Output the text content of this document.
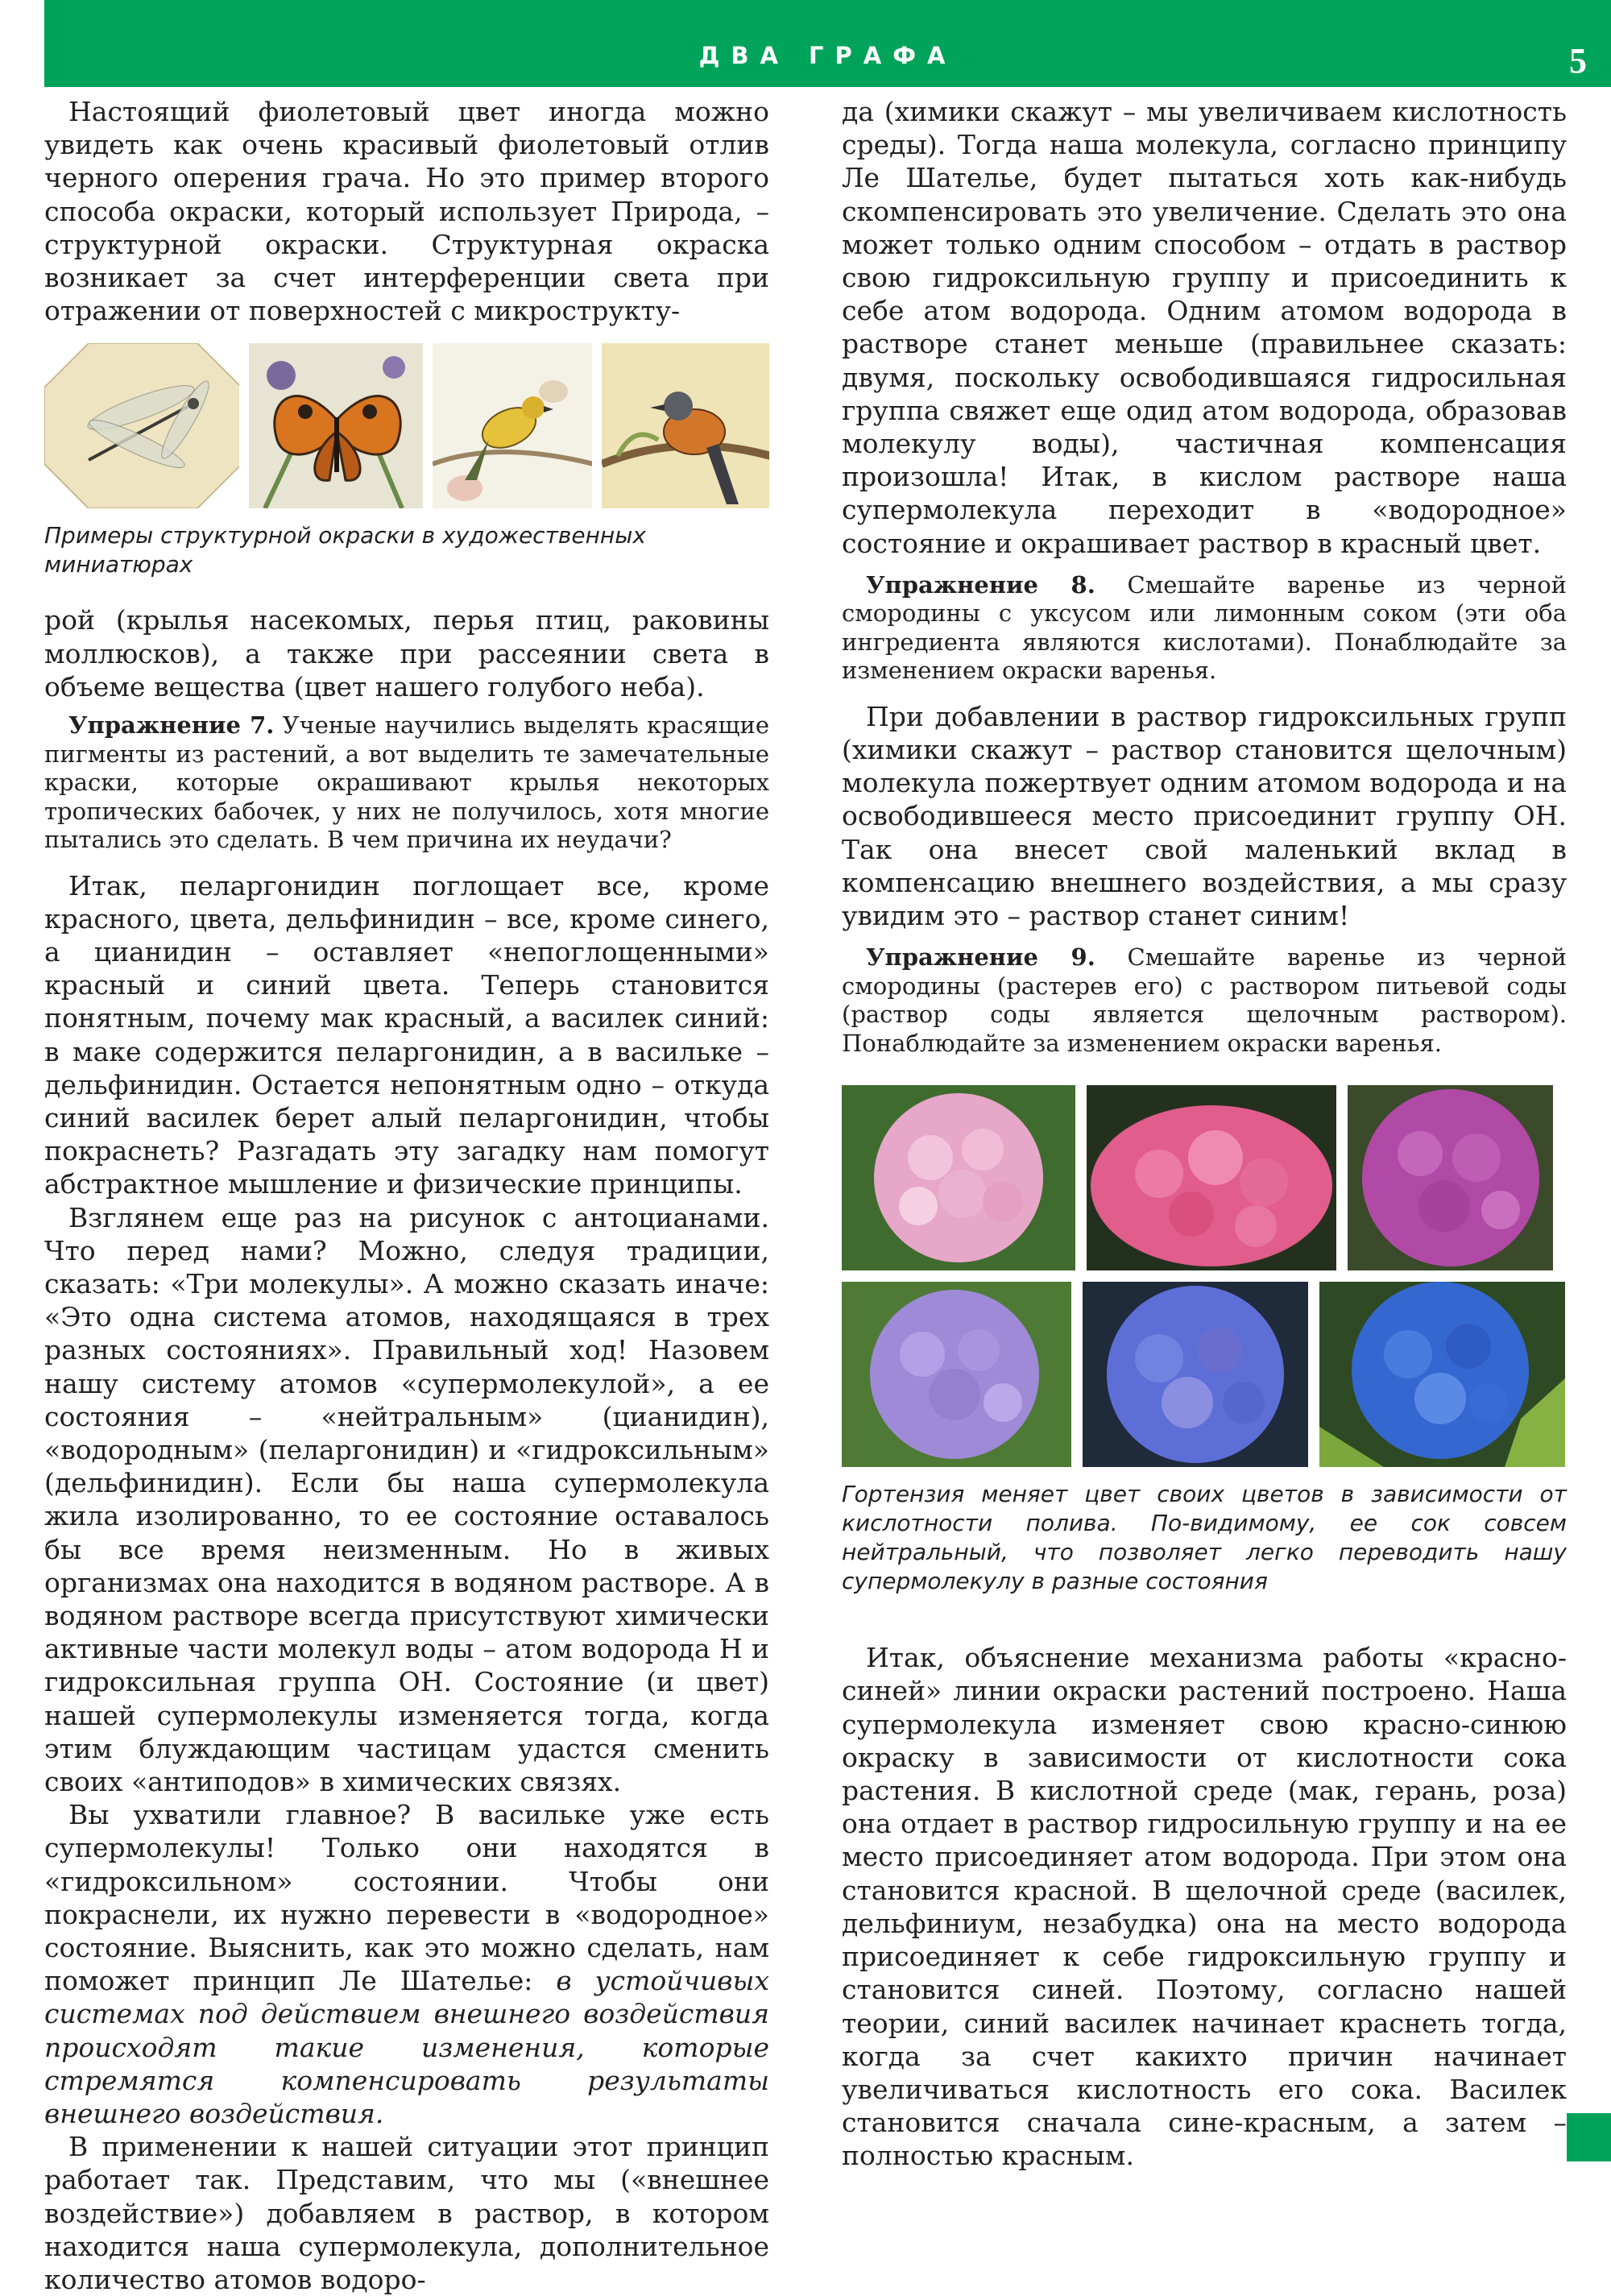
ДВА ГРАФА	5

Настоящий фиолетовый цвет иногда можно увидеть как очень красивый фиолетовый отлив черного оперения грача. Но это пример второго способа окраски, который использует Природа, – структурной окраски. Структурная окраска возникает за счет интерференции света при отражении от поверхностей с микрострукту-

Примеры структурной окраски в художественных миниатюрах

рой (крылья насекомых, перья птиц, раковины моллюсков), а также при рассеянии света в объеме вещества (цвет нашего голубого неба).

Упражнение 7. Ученые научились выделять красящие пигменты из растений, а вот выделить те замечательные краски, которые окрашивают крылья некоторых тропических бабочек, у них не получилось, хотя многие пытались это сделать. В чем причина их неудачи?

Итак, пеларгонидин поглощает все, кроме красного, цвета, дельфинидин – все, кроме синего, а цианидин – оставляет «непоглощенными» красный и синий цвета. Теперь становится понятным, почему мак красный, а василек синий: в маке содержится пеларгонидин, а в васильке – дельфинидин. Остается непонятным одно – откуда синий василек берет алый пеларгонидин, чтобы покраснеть? Разгадать эту загадку нам помогут абстрактное мышление и физические принципы.

Взглянем еще раз на рисунок с антоцианами. Что перед нами? Можно, следуя традиции, сказать: «Три молекулы». А можно сказать иначе: «Это одна система атомов, находящаяся в трех разных состояниях». Правильный ход! Назовем нашу систему атомов «супермолекулой», а ее состояния – «нейтральным» (цианидин), «водородным» (пеларгонидин) и «гидроксильным» (дельфинидин). Если бы наша супермолекула жила изолированно, то ее состояние оставалось бы все время неизменным. Но в живых организмах она находится в водяном растворе. А в водяном растворе всегда присутствуют химически активные части молекул воды – атом водорода H и гидроксильная группа OH. Состояние (и цвет) нашей супермолекулы изменяется тогда, когда этим блуждающим частицам удастся сменить своих «антиподов» в химических связях.

Вы ухватили главное? В васильке уже есть супермолекулы! Только они находятся в «гидроксильном» состоянии. Чтобы они покраснели, их нужно перевести в «водородное» состояние. Выяснить, как это можно сделать, нам поможет принцип Ле Шателье: в устойчивых системах под действием внешнего воздействия происходят такие изменения, которые стремятся компенсировать результаты внешнего воздействия.

В применении к нашей ситуации этот принцип работает так. Представим, что мы («внешнее воздействие») добавляем в раствор, в котором находится наша супермолекула, дополнительное количество атомов водоро-

да (химики скажут – мы увеличиваем кислотность среды). Тогда наша молекула, согласно принципу Ле Шателье, будет пытаться хоть как-нибудь скомпенсировать это увеличение. Сделать это она может только одним способом – отдать в раствор свою гидроксильную группу и присоединить к себе атом водорода. Одним атомом водорода в растворе станет меньше (правильнее сказать: двумя, поскольку освободившаяся гидросильная группа свяжет еще одид атом водорода, образовав молекулу воды), частичная компенсация произошла! Итак, в кислом растворе наша супермолекула переходит в «водородное» состояние и окрашивает раствор в красный цвет.

Упражнение 8. Смешайте варенье из черной смородины с уксусом или лимонным соком (эти оба ингредиента являются кислотами). Понаблюдайте за изменением окраски варенья.

При добавлении в раствор гидроксильных групп (химики скажут – раствор становится щелочным) молекула пожертвует одним атомом водорода и на освободившееся место присоединит группу OH. Так она внесет свой маленький вклад в компенсацию внешнего воздействия, а мы сразу увидим это – раствор станет синим!

Упражнение 9. Смешайте варенье из черной смородины (растерев его) с раствором питьевой соды (раствор соды является щелочным раствором). Понаблюдайте за изменением окраски варенья.

Гортензия меняет цвет своих цветов в зависимости от кислотности полива. По-видимому, ее сок совсем нейтральный, что позволяет легко переводить нашу супермолекулу в разные состояния

Итак, объяснение механизма работы «красно-синей» линии окраски растений построено. Наша супермолекула изменяет свою красно-синюю окраску в зависимости от кислотности сока растения. В кислотной среде (мак, герань, роза) она отдает в раствор гидросильную группу и на ее место присоединяет атом водорода. При этом она становится красной. В щелочной среде (василек, дельфиниум, незабудка) она на место водорода присоединяет к себе гидроксильную группу и становится синей. Поэтому, согласно нашей теории, синий василек начинает краснеть тогда, когда за счет какихто причин начинает увеличиваться кислотность его сока. Василек становится сначала сине-красным, а затем – полностью красным.
